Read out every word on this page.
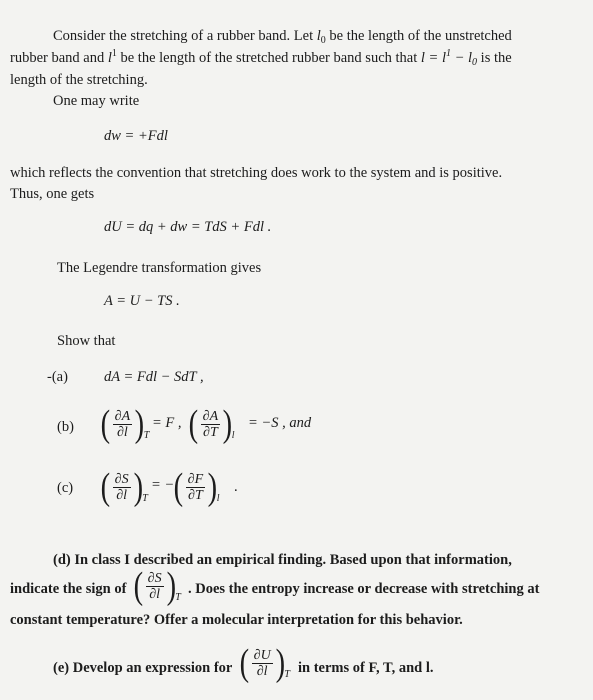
Consider the stretching of a rubber band. Let $l_0$ be the length of the unstretched
rubber band and $l^1$ be the length of the stretched rubber band such that $l = l^1 - l_0$ is the
length of the stretching.
One may write
dw = +Fdl
which reflects the convention that stretching does work to the system and is positive.
Thus, one gets
dU = dq + dw = TdS + Fdl .
The Legendre transformation gives
A = U − TS .
Show that
-(a) dA = Fdl − SdT ,
(b) ( $\frac{\partial A}{\partial l}$ ) T
= F , ( $\frac{\partial A}{\partial T}$ ) l
= −S , and
(c) ( $\frac{\partial S}{\partial l}$ ) T
= − ( $\frac{\partial F}{\partial T}$ ) l
.
(d) In class I described an empirical finding. Based upon that information,
indicate the sign of ( $\frac{\partial S}{\partial l}$ ) T
. Does the entropy increase or decrease with stretching at
constant temperature? Offer a molecular interpretation for this behavior.
(e) Develop an expression for ( $\frac{\partial U}{\partial l}$ ) T in terms of F, T, and l.
